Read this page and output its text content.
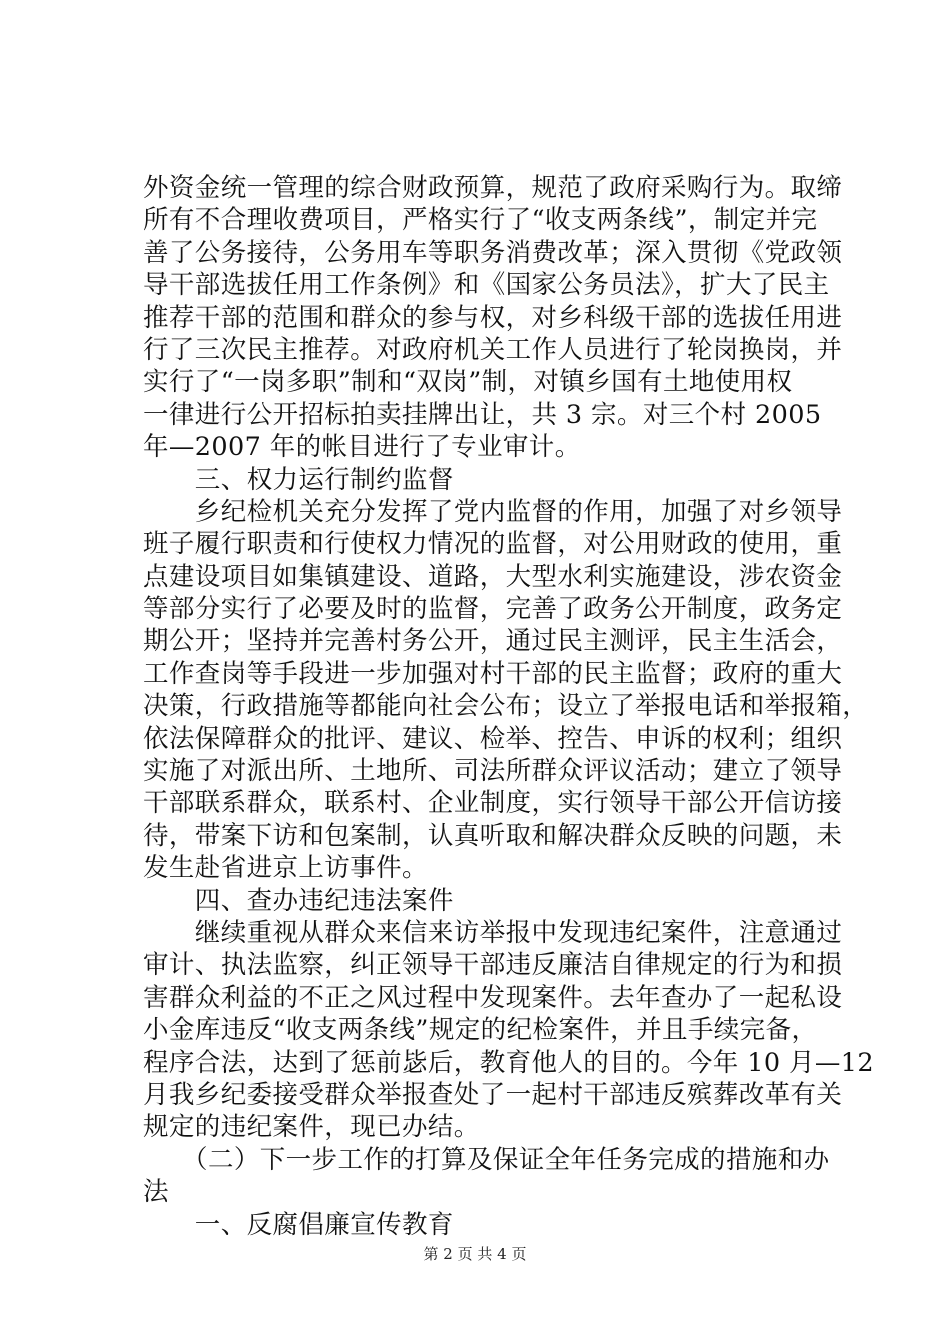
外资金统一管理的综合财政预算，规范了政府采购行为。取缔
所有不合理收费项目，严格实行了“收支两条线”，制定并完
善了公务接待，公务用车等职务消费改革；深入贯彻《党政领
导干部选拔任用工作条例》和《国家公务员法》，扩大了民主
推荐干部的范围和群众的参与权，对乡科级干部的选拔任用进
行了三次民主推荐。对政府机关工作人员进行了轮岗换岗，并
实行了“一岗多职”制和“双岗”制，对镇乡国有土地使用权
一律进行公开招标拍卖挂牌出让，共 3 宗。对三个村 2005
年—2007 年的帐目进行了专业审计。
　　三、权力运行制约监督
　　乡纪检机关充分发挥了党内监督的作用，加强了对乡领导
班子履行职责和行使权力情况的监督，对公用财政的使用，重
点建设项目如集镇建设、道路，大型水利实施建设，涉农资金
等部分实行了必要及时的监督，完善了政务公开制度，政务定
期公开；坚持并完善村务公开，通过民主测评，民主生活会，
工作查岗等手段进一步加强对村干部的民主监督；政府的重大
决策，行政措施等都能向社会公布；设立了举报电话和举报箱，
依法保障群众的批评、建议、检举、控告、申诉的权利；组织
实施了对派出所、土地所、司法所群众评议活动；建立了领导
干部联系群众，联系村、企业制度，实行领导干部公开信访接
待，带案下访和包案制，认真听取和解决群众反映的问题，未
发生赴省进京上访事件。
　　四、查办违纪违法案件
　　继续重视从群众来信来访举报中发现违纪案件，注意通过
审计、执法监察，纠正领导干部违反廉洁自律规定的行为和损
害群众利益的不正之风过程中发现案件。去年查办了一起私设
小金库违反“收支两条线”规定的纪检案件，并且手续完备，
程序合法，达到了惩前毖后，教育他人的目的。今年 10 月—12
月我乡纪委接受群众举报查处了一起村干部违反殡葬改革有关
规定的违纪案件，现已办结。
　　（二）下一步工作的打算及保证全年任务完成的措施和办
法
　　一、反腐倡廉宣传教育
第 2 页 共 4 页
